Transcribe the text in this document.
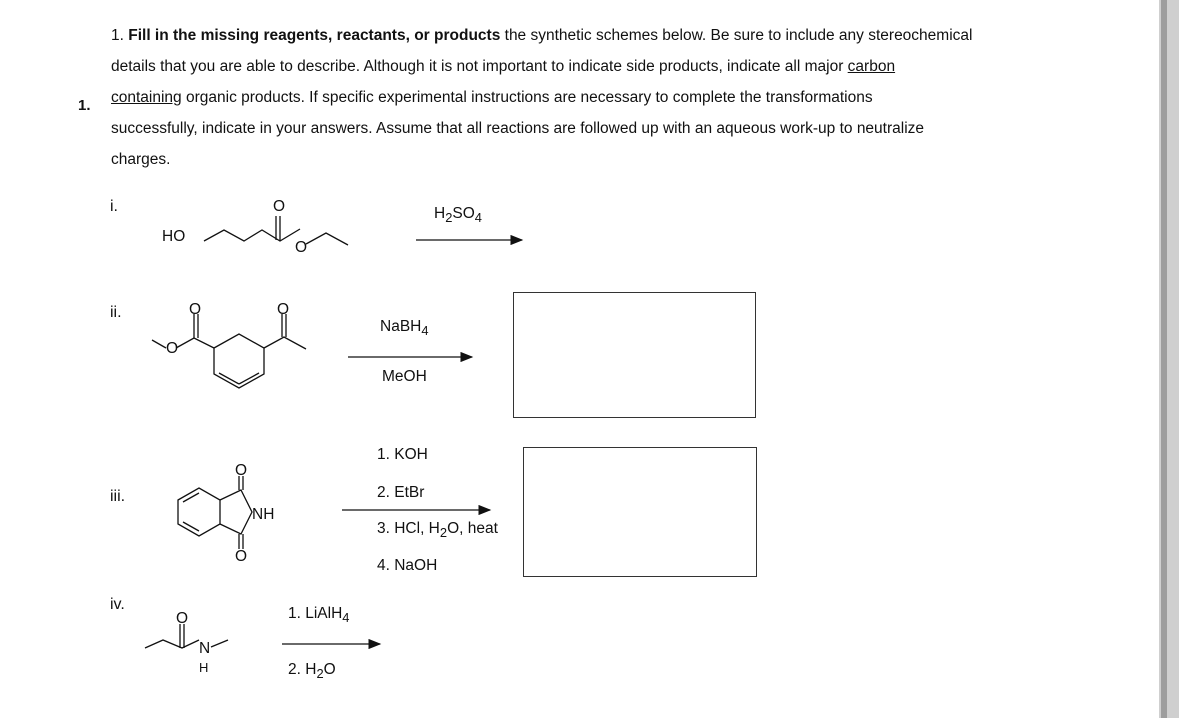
1.
1. Fill in the missing reagents, reactants, or products the synthetic schemes below. Be sure to include any stereochemical
details that you are able to describe. Although it is not important to indicate side products, indicate all major carbon
containing organic products. If specific experimental instructions are necessary to complete the transformations
successfully, indicate in your answers. Assume that all reactions are followed up with an aqueous work-up to neutralize
charges.
i.
ii.
iii.
iv.
HO
O
O
O
O
O
O
O
NH
O
N
H
$H_2SO_4$
NaBH$_4$
MeOH
1. KOH
2. EtBr
3. HCl, $H_2O$, heat
4. NaOH
1. LiAlH$_4$
2. $H_2O$
